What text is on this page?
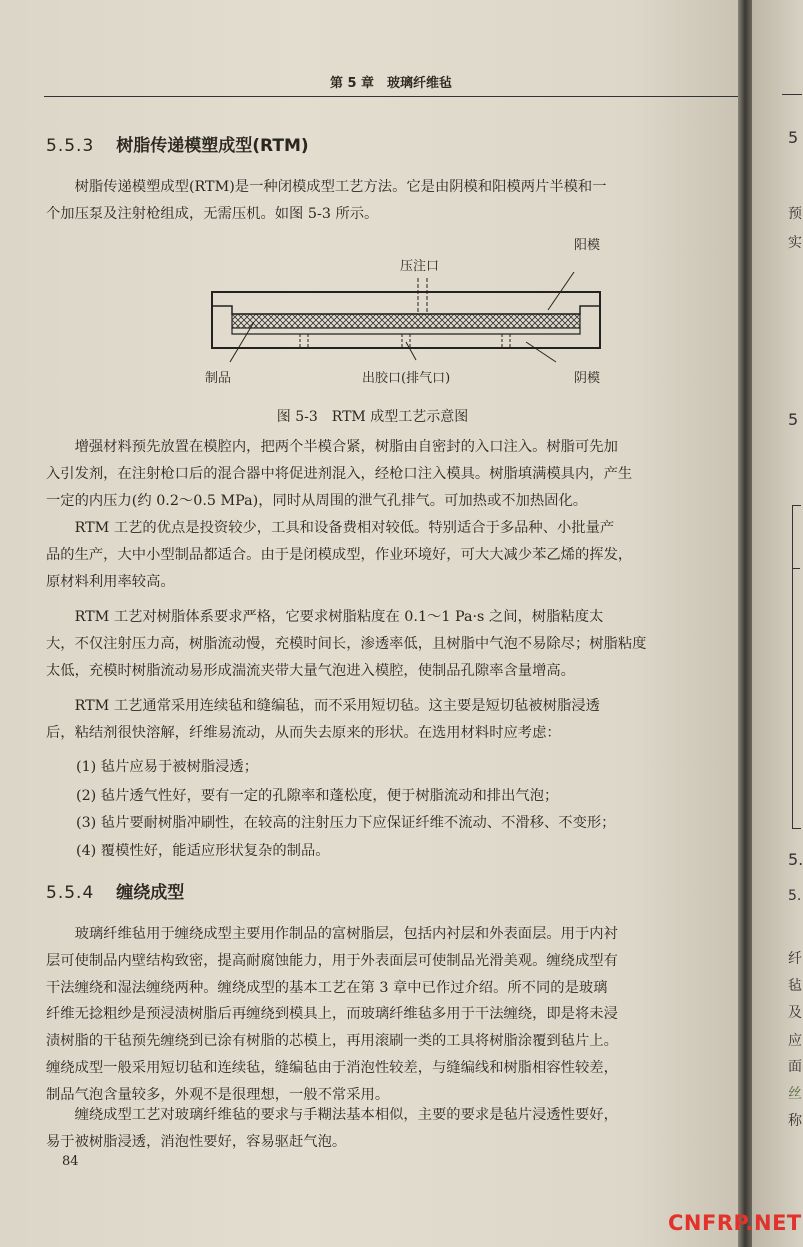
第 5 章　玻璃纤维毡
5.5.3 树脂传递模塑成型(RTM)
　　树脂传递模塑成型(RTM)是一种闭模成型工艺方法。它是由阴模和阳模两片半模和一
个加压泵及注射枪组成，无需压机。如图 5-3 所示。
阳模
压注口
制品	出胶口(排气口)	阴模
图 5-3　RTM 成型工艺示意图
　　增强材料预先放置在模腔内，把两个半模合紧，树脂由自密封的入口注入。树脂可先加
入引发剂，在注射枪口后的混合器中将促进剂混入，经枪口注入模具。树脂填满模具内，产生
一定的内压力(约 0.2～0.5 MPa)，同时从周围的泄气孔排气。可加热或不加热固化。
　　RTM 工艺的优点是投资较少，工具和设备费相对较低。特别适合于多品种、小批量产
品的生产，大中小型制品都适合。由于是闭模成型，作业环境好，可大大减少苯乙烯的挥发，
原材料利用率较高。
　　RTM 工艺对树脂体系要求严格，它要求树脂粘度在 0.1～1 Pa·s 之间，树脂粘度太
大，不仅注射压力高，树脂流动慢，充模时间长，渗透率低，且树脂中气泡不易除尽；树脂粘度
太低，充模时树脂流动易形成湍流夹带大量气泡进入模腔，使制品孔隙率含量增高。
　　RTM 工艺通常采用连续毡和缝编毡，而不采用短切毡。这主要是短切毡被树脂浸透
后，粘结剂很快溶解，纤维易流动，从而失去原来的形状。在选用材料时应考虑：
(1) 毡片应易于被树脂浸透；
(2) 毡片透气性好，要有一定的孔隙率和蓬松度，便于树脂流动和排出气泡；
(3) 毡片要耐树脂冲刷性，在较高的注射压力下应保证纤维不流动、不滑移、不变形；
(4) 覆模性好，能适应形状复杂的制品。
5.5.4 缠绕成型
　　玻璃纤维毡用于缠绕成型主要用作制品的富树脂层，包括内衬层和外表面层。用于内衬
层可使制品内壁结构致密，提高耐腐蚀能力，用于外表面层可使制品光滑美观。缠绕成型有
干法缠绕和湿法缠绕两种。缠绕成型的基本工艺在第 3 章中已作过介绍。所不同的是玻璃
纤维无捻粗纱是预浸渍树脂后再缠绕到模具上，而玻璃纤维毡多用于干法缠绕，即是将未浸
渍树脂的干毡预先缠绕到已涂有树脂的芯模上，再用滚刷一类的工具将树脂涂覆到毡片上。
缠绕成型一般采用短切毡和连续毡，缝编毡由于消泡性较差，与缝编线和树脂相容性较差，
制品气泡含量较多，外观不是很理想，一般不常采用。
　　缠绕成型工艺对玻璃纤维毡的要求与手糊法基本相似，主要的要求是毡片浸透性要好，
易于被树脂浸透，消泡性要好，容易驱赶气泡。
84
5
预
实
5
5.
5.
纤
毡
及
应
面
丝
称
CNFRP.NET
